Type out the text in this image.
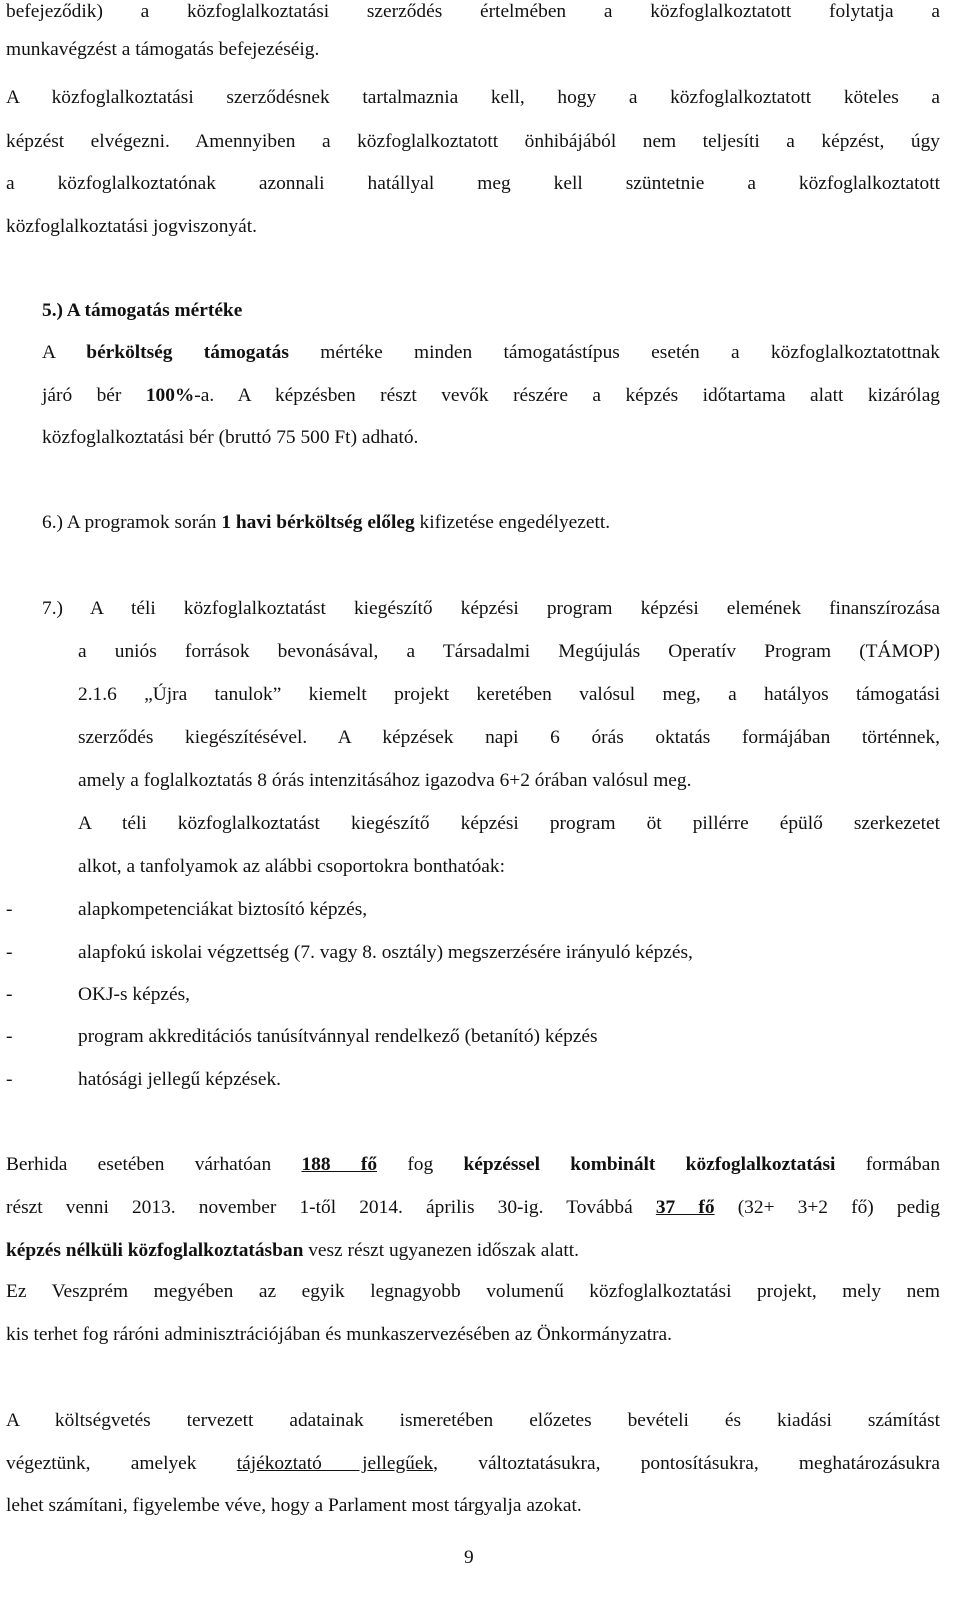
befejeződik) a közfoglalkoztatási szerződés értelmében a közfoglalkoztatott folytatja a
munkavégzést a támogatás befejezéséig.
A közfoglalkoztatási szerződésnek tartalmaznia kell, hogy a közfoglalkoztatott köteles a
képzést elvégezni. Amennyiben a közfoglalkoztatott önhibájából nem teljesíti a képzést, úgy
a közfoglalkoztatónak azonnali hatállyal meg kell szüntetnie a közfoglalkoztatott
közfoglalkoztatási jogviszonyát.
5.) A támogatás mértéke
A bérköltség támogatás mértéke minden támogatástípus esetén a közfoglalkoztatottnak
járó bér 100%-a. A képzésben részt vevők részére a képzés időtartama alatt kizárólag
közfoglalkoztatási bér (bruttó 75 500 Ft) adható.
6.) A programok során 1 havi bérköltség előleg kifizetése engedélyezett.
7.) A téli közfoglalkoztatást kiegészítő képzési program képzési elemének finanszírozása
a uniós források bevonásával, a Társadalmi Megújulás Operatív Program (TÁMOP)
2.1.6 „Újra tanulok” kiemelt projekt keretében valósul meg, a hatályos támogatási
szerződés kiegészítésével. A képzések napi 6 órás oktatás formájában történnek,
amely a foglalkoztatás 8 órás intenzitásához igazodva 6+2 órában valósul meg.
A téli közfoglalkoztatást kiegészítő képzési program öt pillérre épülő szerkezetet
alkot, a tanfolyamok az alábbi csoportokra bonthatóak:
-	alapkompetenciákat biztosító képzés,
-	alapfokú iskolai végzettség (7. vagy 8. osztály) megszerzésére irányuló képzés,
-	OKJ-s képzés,
-	program akkreditációs tanúsítvánnyal rendelkező (betanító) képzés
-	hatósági jellegű képzések.
Berhida esetében várhatóan 188 fő fog képzéssel kombinált közfoglalkoztatási formában
részt venni 2013. november 1-től 2014. április 30-ig. Továbbá 37 fő (32+ 3+2 fő) pedig
képzés nélküli közfoglalkoztatásban vesz részt ugyanezen időszak alatt.
Ez Veszprém megyében az egyik legnagyobb volumenű közfoglalkoztatási projekt, mely nem
kis terhet fog ráróni adminisztrációjában és munkaszervezésében az Önkormányzatra.
A költségvetés tervezett adatainak ismeretében előzetes bevételi és kiadási számítást
végeztünk, amelyek tájékoztató jellegűek, változtatásukra, pontosításukra, meghatározásukra
lehet számítani, figyelembe véve, hogy a Parlament most tárgyalja azokat.
9
